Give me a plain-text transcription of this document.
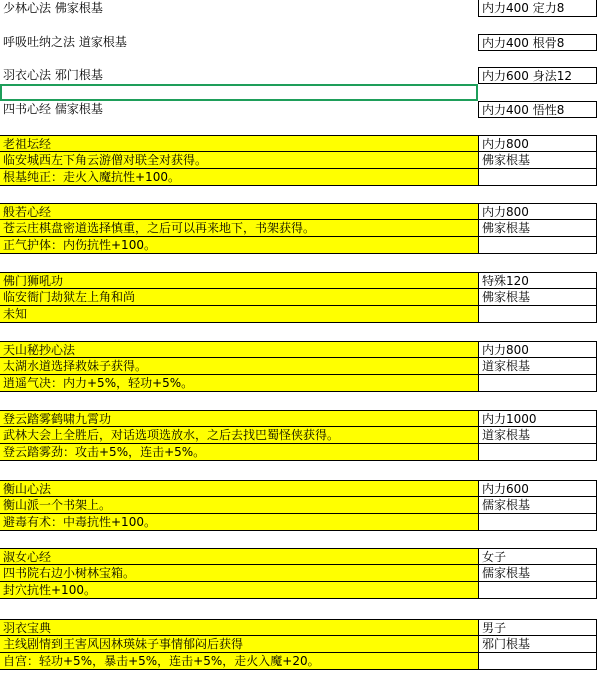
少林心法 佛家根基	内力400 定力8
呼吸吐纳之法 道家根基	内力400 根骨8
羽衣心法 邪门根基	内力600 身法12
四书心经 儒家根基	内力400 悟性8
老祖坛经	内力800
临安城西左下角云游僧对联全对获得。	佛家根基
根基纯正：走火入魔抗性+100。
般若心经	内力800
苍云庄棋盘密道选择慎重，之后可以再来地下，书架获得。	佛家根基
正气护体：内伤抗性+100。
佛门狮吼功	特殊120
临安衙门劫狱左上角和尚	佛家根基
未知
天山秘抄心法	内力800
太湖水道选择救妹子获得。	道家根基
逍遥气决：内力+5%，轻功+5%。
登云踏雾鹤啸九霄功	内力1000
武林大会上全胜后，对话选项选放水，之后去找巴蜀怪侠获得。	道家根基
登云踏雾劲：攻击+5%，连击+5%。
衡山心法	内力600
衡山派一个书架上。	儒家根基
避毒有术：中毒抗性+100。
淑女心经	女子
四书院右边小树林宝箱。	儒家根基
封穴抗性+100。
羽衣宝典	男子
主线剧情到王害风因林瑛妹子事情郁闷后获得	邪门根基
自宫：轻功+5%，暴击+5%，连击+5%，走火入魔+20。
